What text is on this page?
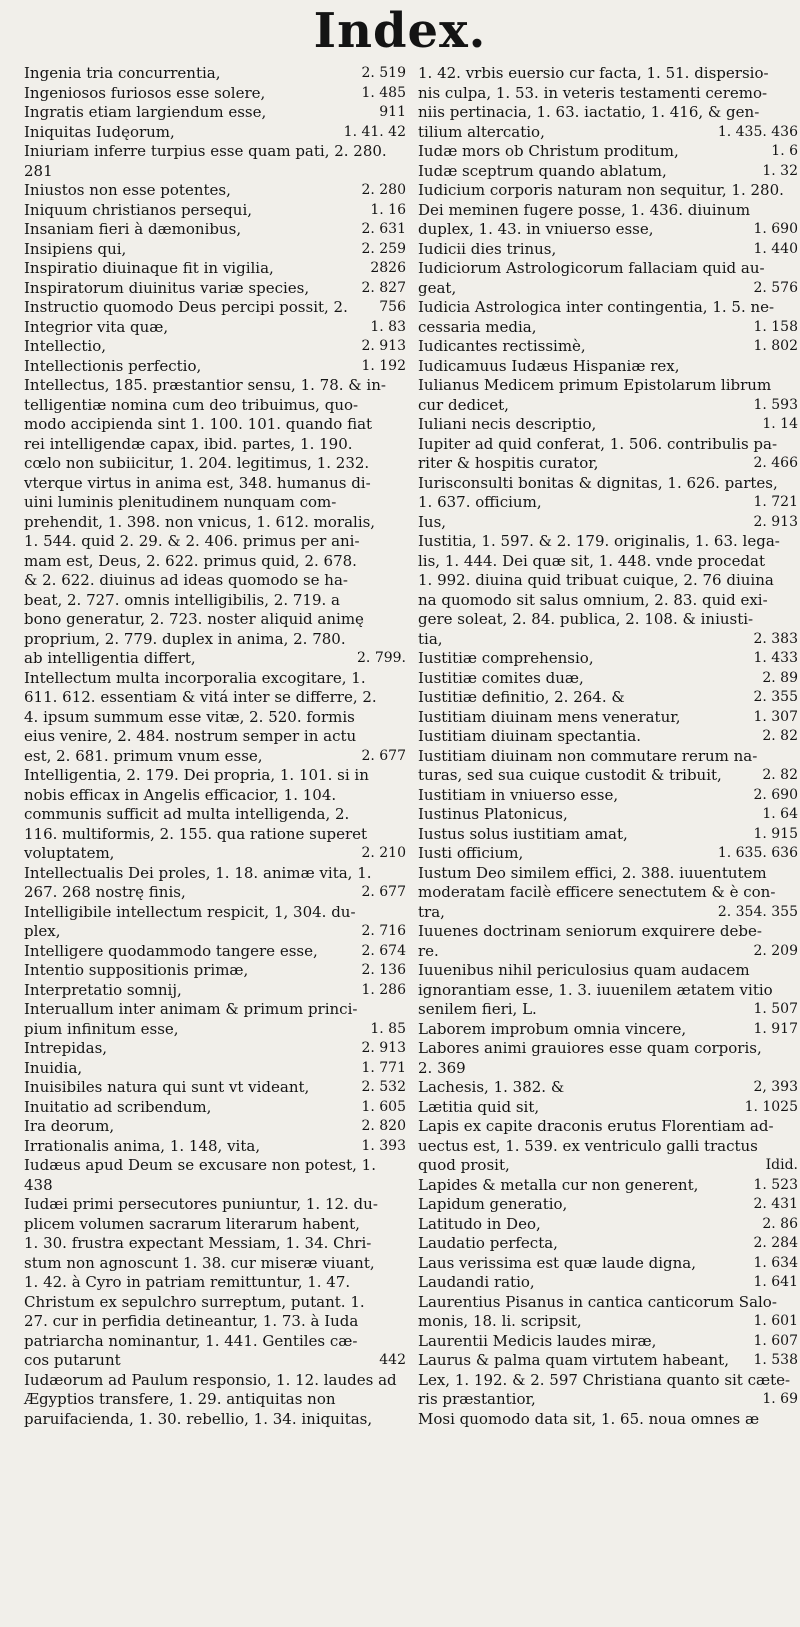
Index.
Ingenia tria concurrentia,	2. 519
Ingeniosos furiosos esse solere,	1. 485
Ingratis etiam largiendum esse,	911
Iniquitas Iudęorum,	1. 41. 42
Iniuriam inferre turpius esse quam pati, 2. 280.
281
Iniustos non esse potentes,	2. 280
Iniquum christianos persequi,	1. 16
Insaniam fieri à dæmonibus,	2. 631
Insipiens qui,	2. 259
Inspiratio diuinaque fit in vigilia,	2826
Inspiratorum diuinitus variæ species,	2. 827
Instructio quomodo Deus percipi possit, 2.	756
Integrior vita quæ,	1. 83
Intellectio,	2. 913
Intellectionis perfectio,	1. 192
Intellectus, 185. præstantior sensu, 1. 78. & in-
telligentiæ nomina cum deo tribuimus, quo-
modo accipienda sint 1. 100. 101. quando fiat
rei intelligendæ capax, ibid. partes, 1. 190.
cœlo non subiicitur, 1. 204. legitimus, 1. 232.
vterque virtus in anima est, 348. humanus di-
uini luminis plenitudinem nunquam com-
prehendit, 1. 398. non vnicus, 1. 612. moralis,
1. 544. quid 2. 29. & 2. 406. primus per ani-
mam est, Deus, 2. 622. primus quid, 2. 678.
& 2. 622. diuinus ad ideas quomodo se ha-
beat, 2. 727. omnis intelligibilis, 2. 719. a
bono generatur, 2. 723. noster aliquid animę
proprium, 2. 779. duplex in anima, 2. 780.
ab intelligentia differt,	2. 799.
Intellectum multa incorporalia excogitare, 1.
611. 612. essentiam & vitá inter se differre, 2.
4. ipsum summum esse vitæ, 2. 520. formis
eius venire, 2. 484. nostrum semper in actu
est, 2. 681. primum vnum esse,	2. 677
Intelligentia, 2. 179. Dei propria, 1. 101. si in
nobis efficax in Angelis efficacior, 1. 104.
communis sufficit ad multa intelligenda, 2.
116. multiformis, 2. 155. qua ratione superet
voluptatem,	2. 210
Intellectualis Dei proles, 1. 18. animæ vita, 1.
267. 268 nostrę finis,	2. 677
Intelligibile intellectum respicit, 1, 304. du-
plex,	2. 716
Intelligere quodammodo tangere esse,	2. 674
Intentio suppositionis primæ,	2. 136
Interpretatio somnij,	1. 286
Interuallum inter animam & primum princi-
pium infinitum esse,	1. 85
Intrepidas,	2. 913
Inuidia,	1. 771
Inuisibiles natura qui sunt vt videant,	2. 532
Inuitatio ad scribendum,	1. 605
Ira deorum,	2. 820
Irrationalis anima, 1. 148, vita,	1. 393
Iudæus apud Deum se excusare non potest, 1.
438
Iudæi primi persecutores puniuntur, 1. 12. du-
plicem volumen sacrarum literarum habent,
1. 30. frustra expectant Messiam, 1. 34. Chri-
stum non agnoscunt 1. 38. cur miseræ viuant,
1. 42. à Cyro in patriam remittuntur, 1. 47.
Christum ex sepulchro surreptum, putant. 1.
27. cur in perfidia detineantur, 1. 73. à Iuda
patriarcha nominantur, 1. 441. Gentiles cæ-
cos putarunt	442
Iudæorum ad Paulum responsio, 1. 12. laudes ad
Ægyptios transfere, 1. 29. antiquitas non
paruifacienda, 1. 30. rebellio, 1. 34. iniquitas,
1. 42. vrbis euersio cur facta, 1. 51. dispersio-
nis culpa, 1. 53. in veteris testamenti ceremo-
niis pertinacia, 1. 63. iactatio, 1. 416, & gen-
tilium altercatio,	1. 435. 436
Iudæ mors ob Christum proditum,	1. 6
Iudæ sceptrum quando ablatum,	1. 32
Iudicium corporis naturam non sequitur, 1. 280.
Dei meminen fugere posse, 1. 436. diuinum
duplex, 1. 43. in vniuerso esse,	1. 690
Iudicii dies trinus,	1. 440
Iudiciorum Astrologicorum fallaciam quid au-
geat,	2. 576
Iudicia Astrologica inter contingentia, 1. 5. ne-
cessaria media,	1. 158
Iudicantes rectissimè,	1. 802
Iudicamuus Iudæus Hispaniæ rex,
Iulianus Medicem primum Epistolarum librum
cur dedicet,	1. 593
Iuliani necis descriptio,	1. 14
Iupiter ad quid conferat, 1. 506. contribulis pa-
riter & hospitis curator,	2. 466
Iurisconsulti bonitas & dignitas, 1. 626. partes,
1. 637. officium,	1. 721
Ius,	2. 913
Iustitia, 1. 597. & 2. 179. originalis, 1. 63. lega-
lis, 1. 444. Dei quæ sit, 1. 448. vnde procedat
1. 992. diuina quid tribuat cuique, 2. 76 diuina
na quomodo sit salus omnium, 2. 83. quid exi-
gere soleat, 2. 84. publica, 2. 108. & iniusti-
tia,	2. 383
Iustitiæ comprehensio,	1. 433
Iustitiæ comites duæ,	2. 89
Iustitiæ definitio, 2. 264. &	2. 355
Iustitiam diuinam mens veneratur,	1. 307
Iustitiam diuinam spectantia.	2. 82
Iustitiam diuinam non commutare rerum na-
turas, sed sua cuique custodit & tribuit,	2. 82
Iustitiam in vniuerso esse,	2. 690
Iustinus Platonicus,	1. 64
Iustus solus iustitiam amat,	1. 915
Iusti officium,	1. 635. 636
Iustum Deo similem effici, 2. 388. iuuentutem
moderatam facilè efficere senectutem & è con-
tra,	2. 354. 355
Iuuenes doctrinam seniorum exquirere debe-
re.	2. 209
Iuuenibus nihil periculosius quam audacem
ignorantiam esse, 1. 3. iuuenilem ætatem vitio
senilem fieri, L.	1. 507
Laborem improbum omnia vincere,	1. 917
Labores animi grauiores esse quam corporis,
2. 369
Lachesis, 1. 382. &	2, 393
Lætitia quid sit,	1. 1025
Lapis ex capite draconis erutus Florentiam ad-
uectus est, 1. 539. ex ventriculo galli tractus
quod prosit,	Idid.
Lapides & metalla cur non generent,	1. 523
Lapidum generatio,	2. 431
Latitudo in Deo,	2. 86
Laudatio perfecta,	2. 284
Laus verissima est quæ laude digna,	1. 634
Laudandi ratio,	1. 641
Laurentius Pisanus in cantica canticorum Salo-
monis, 18. li. scripsit,	1. 601
Laurentii Medicis laudes miræ,	1. 607
Laurus & palma quam virtutem habeant,	1. 538
Lex, 1. 192. & 2. 597 Christiana quanto sit cæte-
ris præstantior,	1. 69
Mosi quomodo data sit, 1. 65. noua omnes æ
